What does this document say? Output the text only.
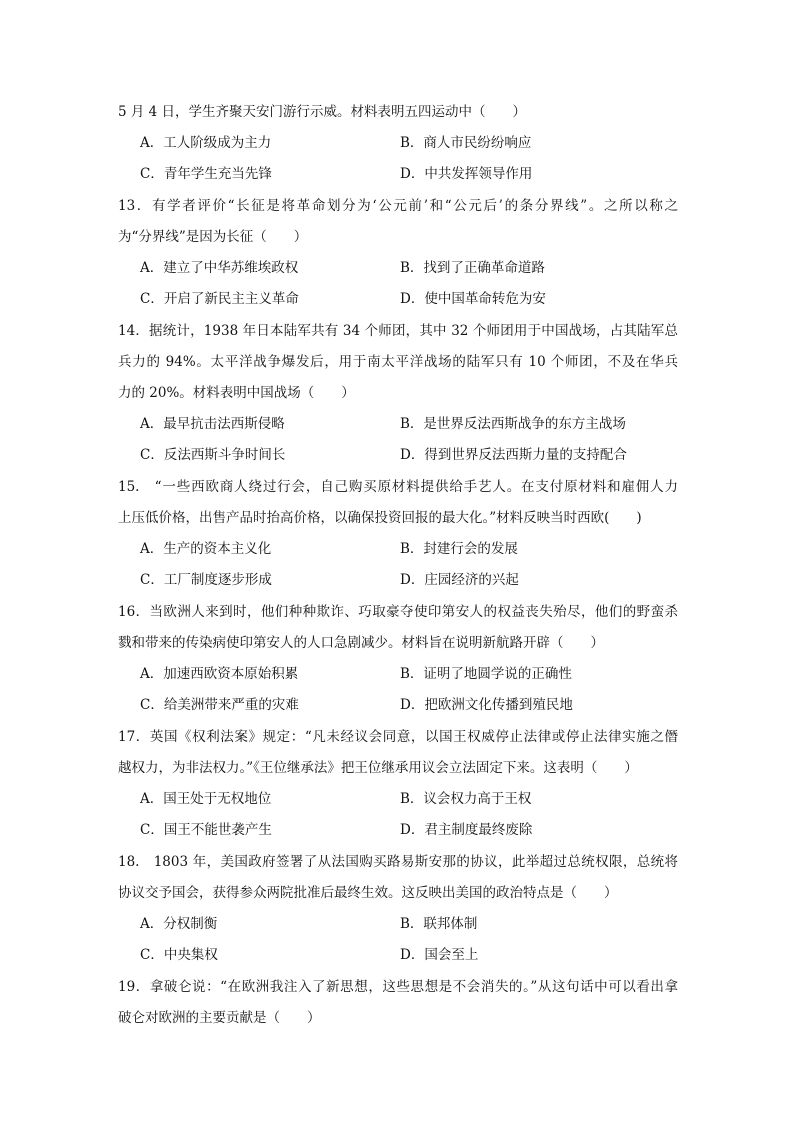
5 月 4 日，学生齐聚天安门游行示威。材料表明五四运动中（　　）
A．工人阶级成为主力	B．商人市民纷纷响应
C．青年学生充当先锋	D．中共发挥领导作用
13．有学者评价“长征是将革命划分为‘公元前’和“公元后’的条分界线”。之所以称之
为“分界线”是因为长征（　　）
A．建立了中华苏维埃政权	B．找到了正确革命道路
C．开启了新民主主义革命	D．使中国革命转危为安
14．据统计，1938 年日本陆军共有 34 个师团，其中 32 个师团用于中国战场，占其陆军总
兵力的 94%。太平洋战争爆发后，用于南太平洋战场的陆军只有 10 个师团，不及在华兵
力的 20%。材料表明中国战场（　　）
A．最早抗击法西斯侵略	B．是世界反法西斯战争的东方主战场
C．反法西斯斗争时间长	D．得到世界反法西斯力量的支持配合
15.　“一些西欧商人绕过行会，自己购买原材料提供给手艺人。在支付原材料和雇佣人力
上压低价格，出售产品时抬高价格，以确保投资回报的最大化。”材料反映当时西欧(　　)
A．生产的资本主义化	B．封建行会的发展
C．工厂制度逐步形成	D．庄园经济的兴起
16．当欧洲人来到时，他们种种欺诈、巧取豪夺使印第安人的权益丧失殆尽，他们的野蛮杀
戮和带来的传染病使印第安人的人口急剧减少。材料旨在说明新航路开辟（　　）
A．加速西欧资本原始积累	B．证明了地圆学说的正确性
C．给美洲带来严重的灾难	D．把欧洲文化传播到殖民地
17．英国《权利法案》规定：“凡未经议会同意，以国王权威停止法律或停止法律实施之僭
越权力，为非法权力。”《王位继承法》把王位继承用议会立法固定下来。这表明（　　）
A．国王处于无权地位	B．议会权力高于王权
C．国王不能世袭产生	D．君主制度最终废除
18.　1803 年，美国政府签署了从法国购买路易斯安那的协议，此举超过总统权限，总统将
协议交予国会，获得参众两院批准后最终生效。这反映出美国的政治特点是（　　）
A．分权制衡	B．联邦体制
C．中央集权	D．国会至上
19．拿破仑说：“在欧洲我注入了新思想，这些思想是不会消失的。”从这句话中可以看出拿
破仑对欧洲的主要贡献是（　　）
